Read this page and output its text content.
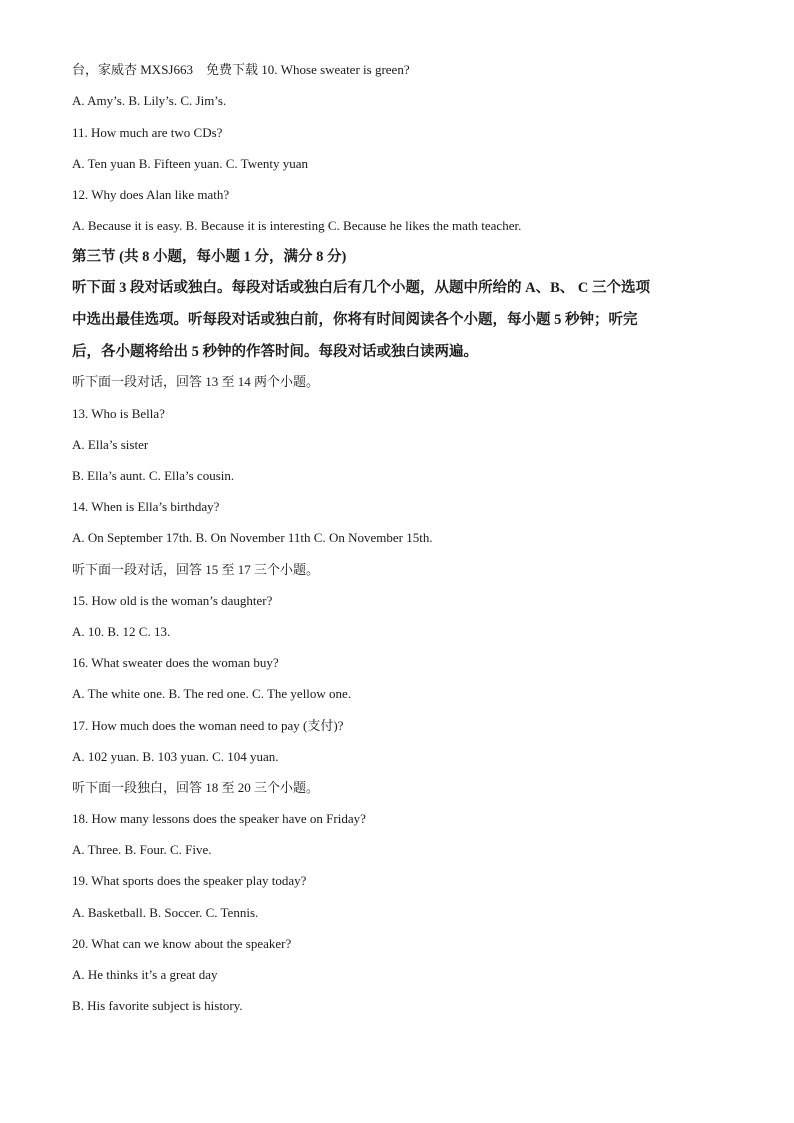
台，家威杏 MXSJ663　免费下载 10. Whose sweater is green?
A. Amy’s. B. Lily’s. C. Jim’s.
11. How much are two CDs?
A. Ten yuan B. Fifteen yuan. C. Twenty yuan
12. Why does Alan like math?
A. Because it is easy. B. Because it is interesting C. Because he likes the math teacher.
第三节 (共 8 小题，每小题 1 分，满分 8 分)
听下面 3 段对话或独白。每段对话或独白后有几个小题，从题中所给的 A、B、 C 三个选项
中选出最佳选项。听每段对话或独白前，你将有时间阅读各个小题，每小题 5 秒钟；听完
后，各小题将给出 5 秒钟的作答时间。每段对话或独白读两遍。
听下面一段对话，回答 13 至 14 两个小题。
13. Who is Bella?
A. Ella’s sister
B. Ella’s aunt. C. Ella’s cousin.
14. When is Ella’s birthday?
A. On September 17th. B. On November 11th C. On November 15th.
听下面一段对话，回答 15 至 17 三个小题。
15. How old is the woman’s daughter?
A. 10. B. 12 C. 13.
16. What sweater does the woman buy?
A. The white one. B. The red one. C. The yellow one.
17. How much does the woman need to pay (支付)?
A. 102 yuan. B. 103 yuan. C. 104 yuan.
听下面一段独白，回答 18 至 20 三个小题。
18. How many lessons does the speaker have on Friday?
A. Three. B. Four. C. Five.
19. What sports does the speaker play today?
A. Basketball. B. Soccer. C. Tennis.
20. What can we know about the speaker?
A. He thinks it’s a great day
B. His favorite subject is history.
